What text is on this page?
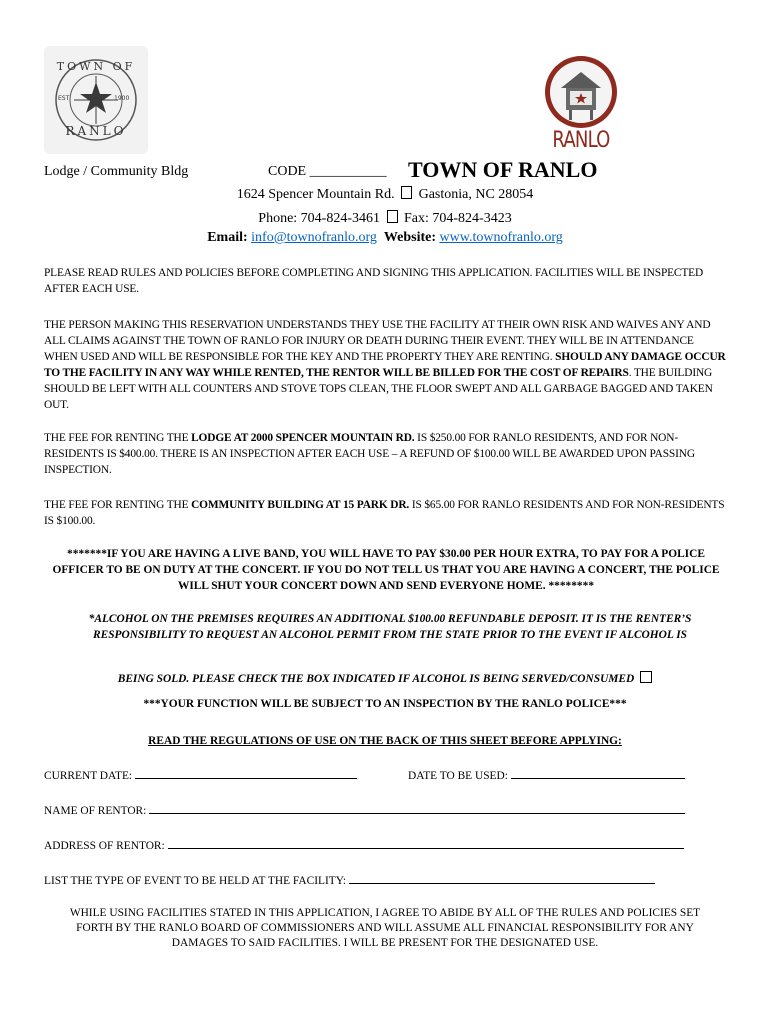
TOWN OF
RANLO
EST	1900
RANLO
Lodge / Community Bldg	CODE ___________ TOWN OF RANLO
1624 Spencer Mountain Rd. Gastonia, NC 28054
Phone: 704-824-3461 Fax: 704-824-3423
Email: info@townofranlo.org Website: www.townofranlo.org
PLEASE READ RULES AND POLICIES BEFORE COMPLETING AND SIGNING THIS APPLICATION. FACILITIES WILL BE INSPECTED AFTER EACH USE.
THE PERSON MAKING THIS RESERVATION UNDERSTANDS THEY USE THE FACILITY AT THEIR OWN RISK AND WAIVES ANY AND ALL CLAIMS AGAINST THE TOWN OF RANLO FOR INJURY OR DEATH DURING THEIR EVENT. THEY WILL BE IN ATTENDANCE WHEN USED AND WILL BE RESPONSIBLE FOR THE KEY AND THE PROPERTY THEY ARE RENTING. SHOULD ANY DAMAGE OCCUR TO THE FACILITY IN ANY WAY WHILE RENTED, THE RENTOR WILL BE BILLED FOR THE COST OF REPAIRS. THE BUILDING SHOULD BE LEFT WITH ALL COUNTERS AND STOVE TOPS CLEAN, THE FLOOR SWEPT AND ALL GARBAGE BAGGED AND TAKEN OUT.
THE FEE FOR RENTING THE LODGE AT 2000 SPENCER MOUNTAIN RD. IS $250.00 FOR RANLO RESIDENTS, AND FOR NON-RESIDENTS IS $400.00. THERE IS AN INSPECTION AFTER EACH USE – A REFUND OF $100.00 WILL BE AWARDED UPON PASSING INSPECTION.
THE FEE FOR RENTING THE COMMUNITY BUILDING AT 15 PARK DR. IS $65.00 FOR RANLO RESIDENTS AND FOR NON-RESIDENTS IS $100.00.
*******IF YOU ARE HAVING A LIVE BAND, YOU WILL HAVE TO PAY $30.00 PER HOUR EXTRA, TO PAY FOR A POLICE OFFICER TO BE ON DUTY AT THE CONCERT. IF YOU DO NOT TELL US THAT YOU ARE HAVING A CONCERT, THE POLICE WILL SHUT YOUR CONCERT DOWN AND SEND EVERYONE HOME. ********
*ALCOHOL ON THE PREMISES REQUIRES AN ADDITIONAL $100.00 REFUNDABLE DEPOSIT. IT IS THE RENTER’S RESPONSIBILITY TO REQUEST AN ALCOHOL PERMIT FROM THE STATE PRIOR TO THE EVENT IF ALCOHOL IS
BEING SOLD. PLEASE CHECK THE BOX INDICATED IF ALCOHOL IS BEING SERVED/CONSUMED
***YOUR FUNCTION WILL BE SUBJECT TO AN INSPECTION BY THE RANLO POLICE***
READ THE REGULATIONS OF USE ON THE BACK OF THIS SHEET BEFORE APPLYING:
CURRENT DATE:	DATE TO BE USED:
NAME OF RENTOR:
ADDRESS OF RENTOR:
LIST THE TYPE OF EVENT TO BE HELD AT THE FACILITY:
WHILE USING FACILITIES STATED IN THIS APPLICATION, I AGREE TO ABIDE BY ALL OF THE RULES AND POLICIES SET FORTH BY THE RANLO BOARD OF COMMISSIONERS AND WILL ASSUME ALL FINANCIAL RESPONSIBILITY FOR ANY DAMAGES TO SAID FACILITIES. I WILL BE PRESENT FOR THE DESIGNATED USE.
